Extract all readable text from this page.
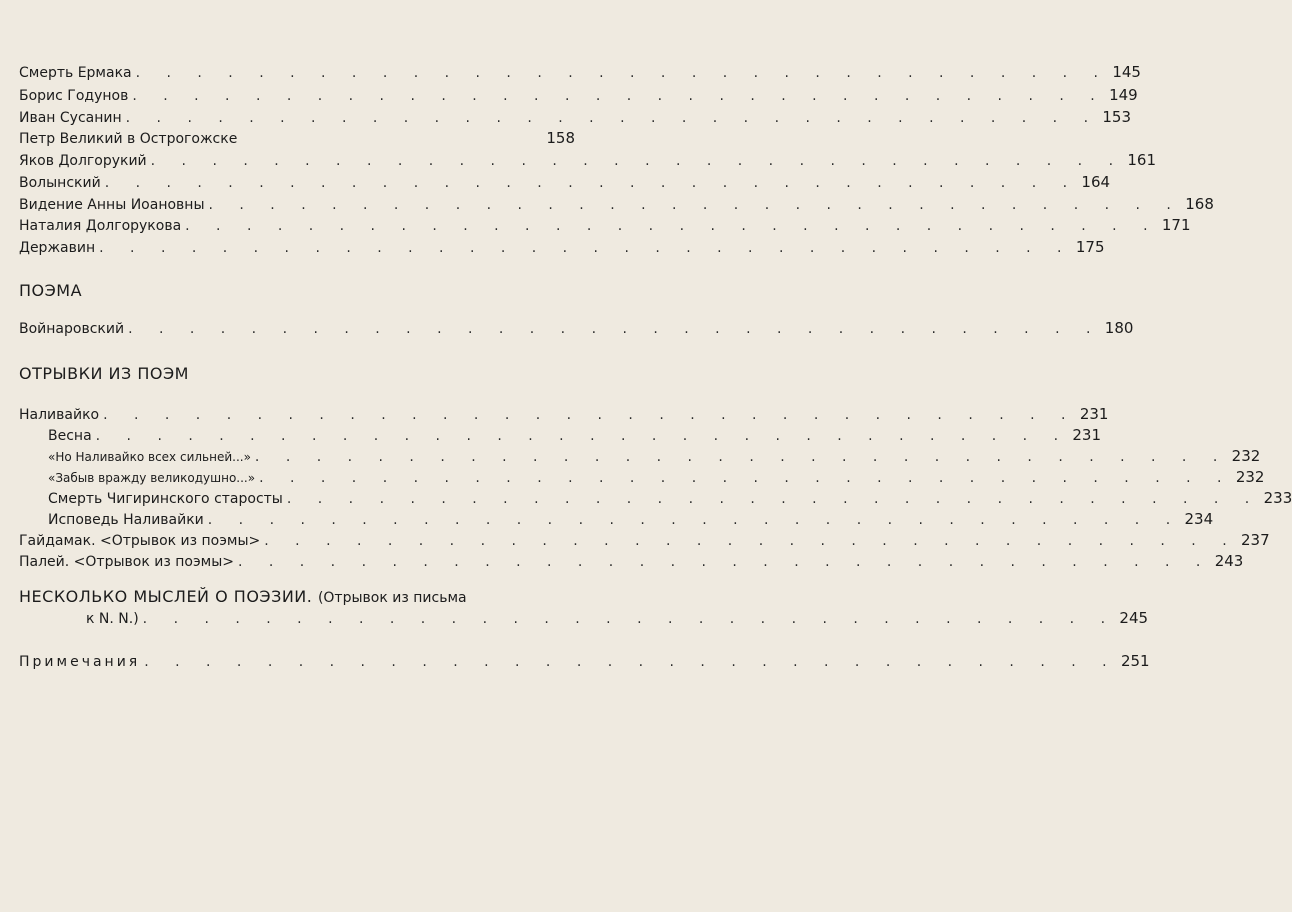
Смерть Ермака . . . . . . . . . . . . . . . . . . . . . . . . . . . . . . . . 145
Борис Годунов . . . . . . . . . . . . . . . . . . . . . . . . . . . . . . . . 149
Иван Сусанин . . . . . . . . . . . . . . . . . . . . . . . . . . . . . . . . 153
Петр Великий в Острогожске	158
Яков Долгорукий . . . . . . . . . . . . . . . . . . . . . . . . . . . . . . . . 161
Волынский . . . . . . . . . . . . . . . . . . . . . . . . . . . . . . . . 164
Видение Анны Иоановны . . . . . . . . . . . . . . . . . . . . . . . . . . . . . . . . 168
Наталия Долгорукова . . . . . . . . . . . . . . . . . . . . . . . . . . . . . . . . 171
Державин . . . . . . . . . . . . . . . . . . . . . . . . . . . . . . . . 175
ПОЭМА
Войнаровский . . . . . . . . . . . . . . . . . . . . . . . . . . . . . . . . 180
ОТРЫВКИ ИЗ ПОЭМ
Наливайко . . . . . . . . . . . . . . . . . . . . . . . . . . . . . . . . 231
Весна . . . . . . . . . . . . . . . . . . . . . . . . . . . . . . . . 231
«Но Наливайко всех сильней...» . . . . . . . . . . . . . . . . . . . . . . . . . . . . . . . . 232
«Забыв вражду великодушно...» . . . . . . . . . . . . . . . . . . . . . . . . . . . . . . . . 232
Смерть Чигиринского старосты . . . . . . . . . . . . . . . . . . . . . . . . . . . . . . . . 233
Исповедь Наливайки . . . . . . . . . . . . . . . . . . . . . . . . . . . . . . . . 234
Гайдамак. <Отрывок из поэмы> . . . . . . . . . . . . . . . . . . . . . . . . . . . . . . . . 237
Палей. <Отрывок из поэмы> . . . . . . . . . . . . . . . . . . . . . . . . . . . . . . . . 243
НЕСКОЛЬКО МЫСЛЕЙ О ПОЭЗИИ. (Отрывок из письма
к N. N.) . . . . . . . . . . . . . . . . . . . . . . . . . . . . . . . . 245
Примечания . . . . . . . . . . . . . . . . . . . . . . . . . . . . . . . . 251
